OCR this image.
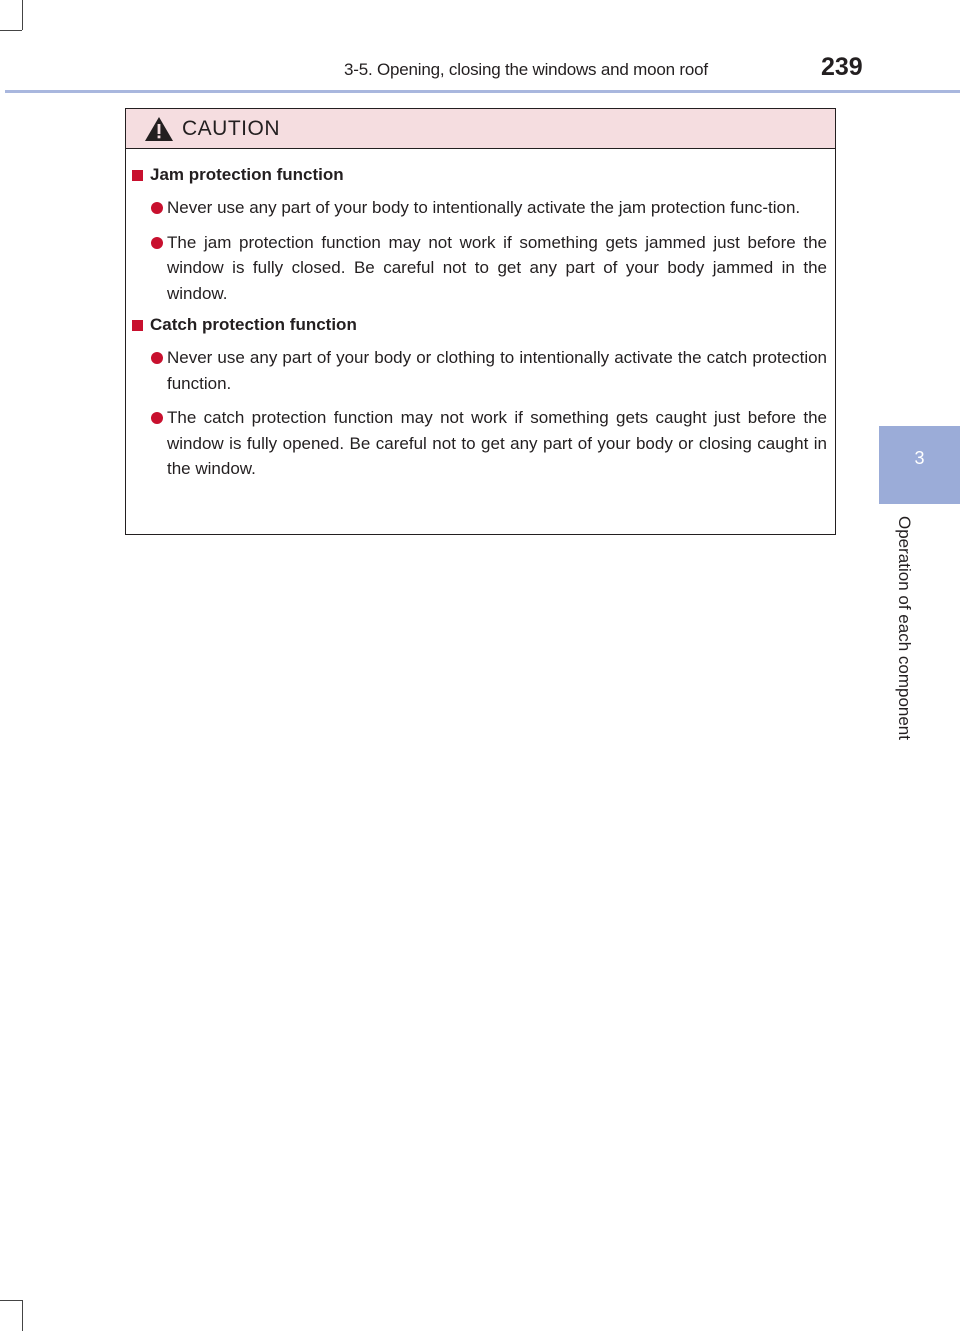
3-5. Opening, closing the windows and moon roof	239
3
Operation of each component
CAUTION
Jam protection function
Never use any part of your body to intentionally activate the jam protection func-tion.
The jam protection function may not work if something gets jammed just before the window is fully closed. Be careful not to get any part of your body jammed in the window.
Catch protection function
Never use any part of your body or clothing to intentionally activate the catch protection function.
The catch protection function may not work if something gets caught just before the window is fully opened. Be careful not to get any part of your body or closing caught in the window.
